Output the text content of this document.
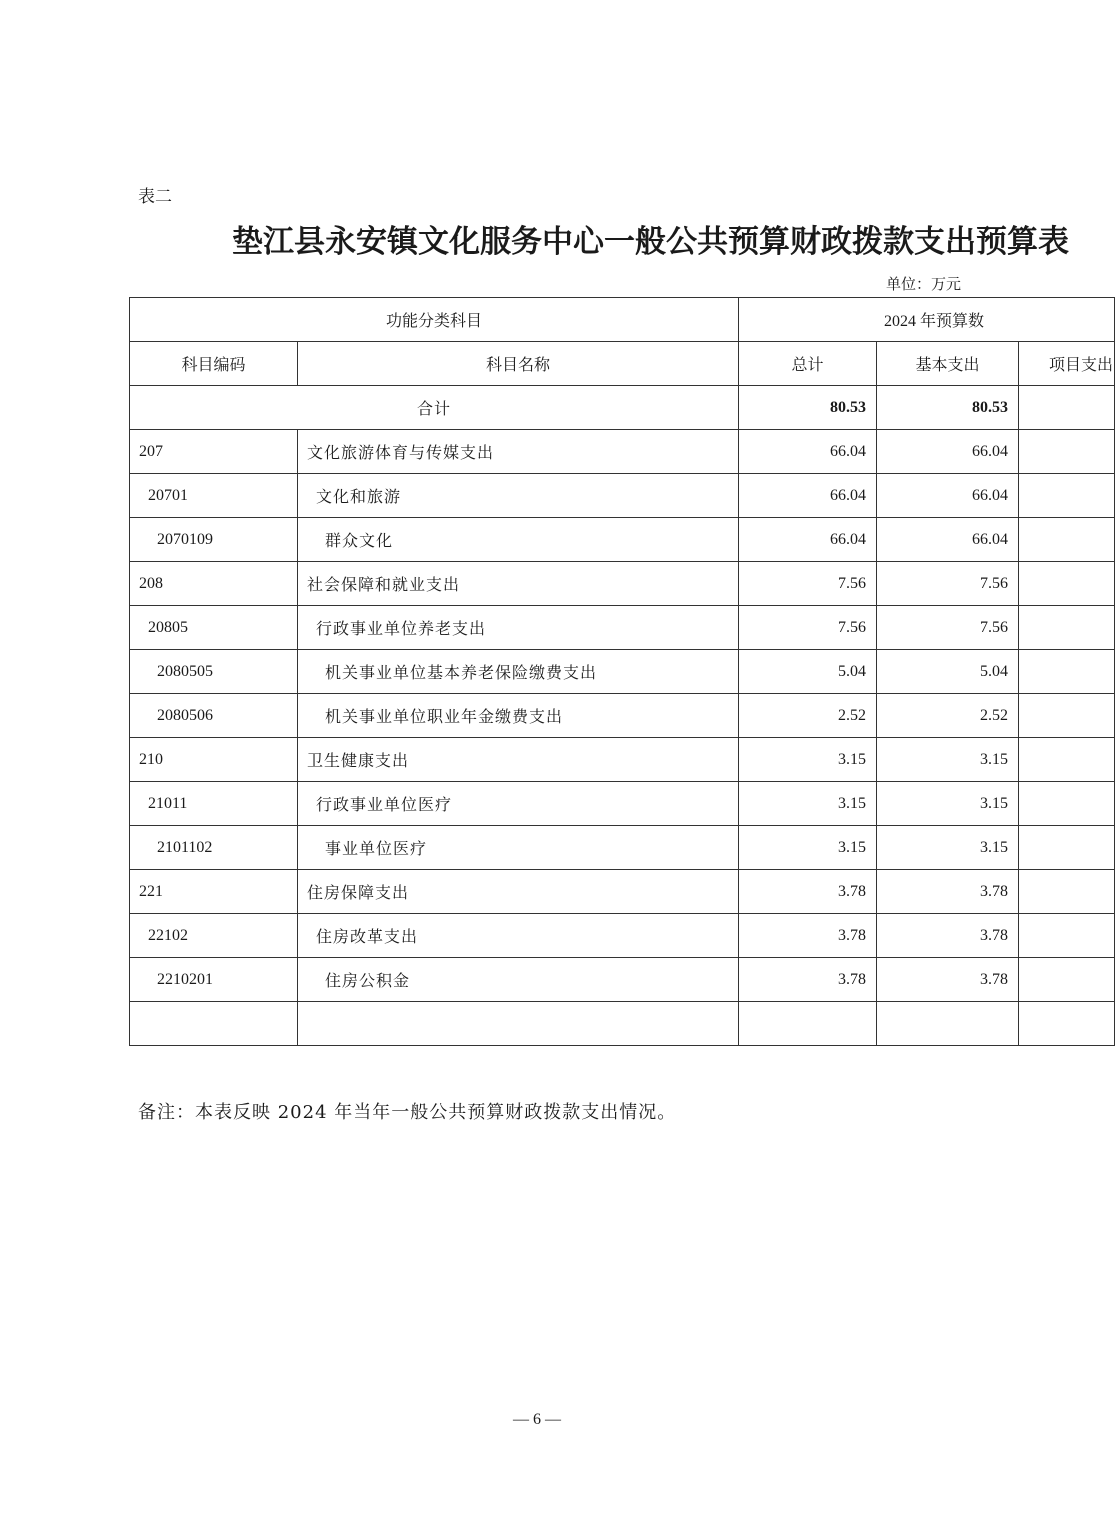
表二
垫江县永安镇文化服务中心一般公共预算财政拨款支出预算表
单位：万元
功能分类科目		2024 年预算数		
科目编码	科目名称	总计	基本支出	项目支出
合计		80.53	80.53	
207	文化旅游体育与传媒支出	66.04	66.04	
20701	文化和旅游	66.04	66.04	
2070109	群众文化	66.04	66.04	
208	社会保障和就业支出	7.56	7.56	
20805	行政事业单位养老支出	7.56	7.56	
2080505	机关事业单位基本养老保险缴费支出	5.04	5.04	
2080506	机关事业单位职业年金缴费支出	2.52	2.52	
210	卫生健康支出	3.15	3.15	
21011	行政事业单位医疗	3.15	3.15	
2101102	事业单位医疗	3.15	3.15	
221	住房保障支出	3.78	3.78	
22102	住房改革支出	3.78	3.78	
2210201	住房公积金	3.78	3.78	

备注：本表反映 2024 年当年一般公共预算财政拨款支出情况。
— 6 —
